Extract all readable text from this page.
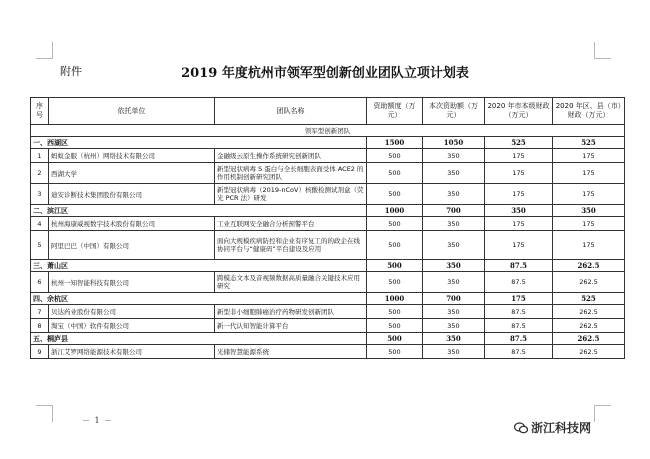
附件	2019 年度杭州市领军型创新创业团队立项计划表
序号	依托单位	团队名称	资助额度（万元）	本次资助额（万元）	2020 年市本级财政（万元）	2020 年区、县（市）财政（万元）
领军型创新团队						
一、西湖区			1500	1050	525	525
1	蚂蚁金服（杭州）网络技术有限公司	金融级云原生操作系统研究创新团队	500	350	175	175
2	西湖大学	新型冠状病毒 S 蛋白与全长细胞表面受体 ACE2 的作用机制创新研究团队	500	350	175	175
3	迪安诊断技术集团股份有限公司	新型冠状病毒（2019-nCoV）核酸检测试剂盒（荧光 PCR 法）研发	500	350	175	175
二、滨江区			1000	700	350	350
4	杭州海康威视数字技术股份有限公司	工业互联网安全融合分析预警平台	500	350	175	175
5	阿里巴巴（中国）有限公司	面向大规模疾病防控和企业有序复工的的政企在线协同平台与“健康码”平台建设及应用	500	350	175	175
三、萧山区			500	350	87.5	262.5
6	杭州一知智能科技有限公司	跨模态文本及音视频数据高质量融合关键技术应用研究	500	350	87.5	262.5
四、余杭区			1000	700	175	525
7	贝达药业股份有限公司	新型非小细胞肺癌治疗药物研发创新团队	500	350	87.5	262.5
8	淘宝（中国）软件有限公司	新一代认知智能计算平台	500	350	87.5	262.5
五、桐庐县			500	350	87.5	262.5
9	浙江艾罗网络能源技术有限公司	光储智慧能源系统	500	350	87.5	262.5
－ 1 －
浙江科技网
